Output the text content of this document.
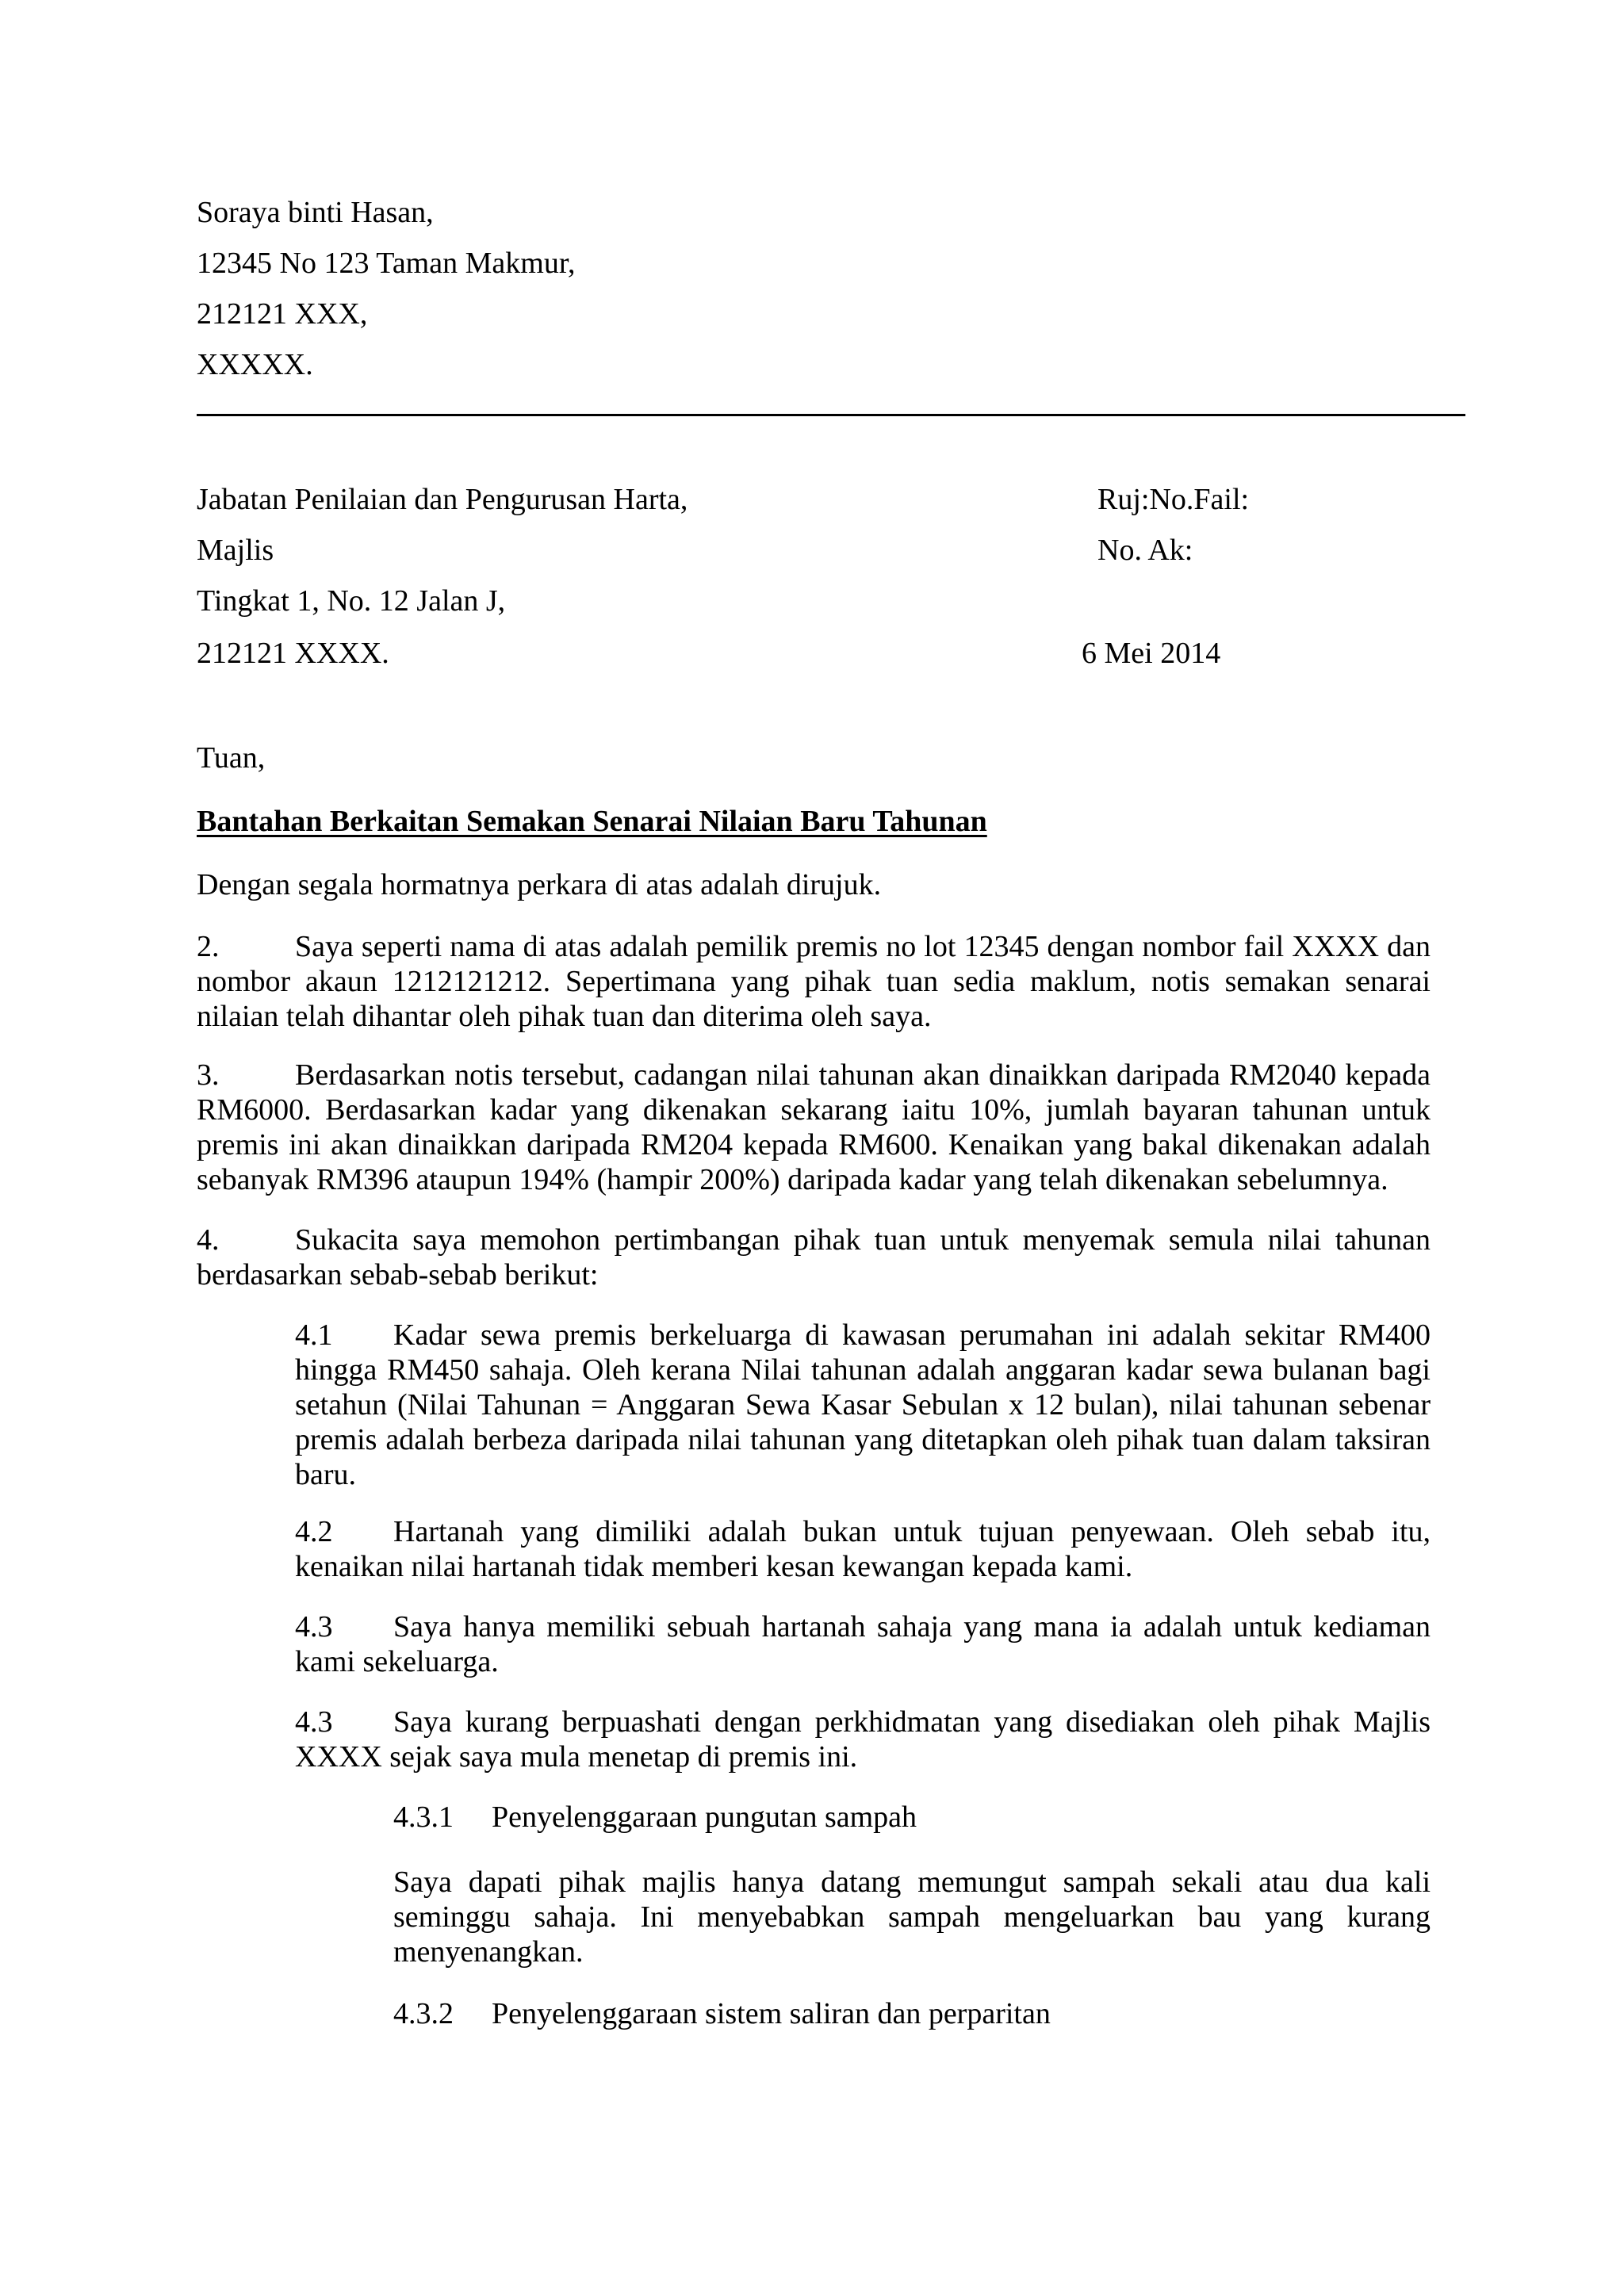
Soraya binti Hasan,
12345 No 123 Taman Makmur,
212121 XXX,
XXXXX.
Jabatan Penilaian dan Pengurusan Harta,
Majlis
Tingkat 1, No. 12 Jalan J,
212121 XXXX.
Ruj:No.Fail:
No. Ak:
6 Mei 2014
Tuan,
Bantahan Berkaitan Semakan Senarai Nilaian Baru Tahunan
Dengan segala hormatnya perkara di atas adalah dirujuk.
2.	Saya seperti nama di atas adalah pemilik premis no lot 12345 dengan nombor fail XXXX dan
nombor akaun 1212121212. Sepertimana yang pihak tuan sedia maklum, notis semakan senarai
nilaian telah dihantar oleh pihak tuan dan diterima oleh saya.
3.	Berdasarkan notis tersebut, cadangan nilai tahunan akan dinaikkan daripada RM2040 kepada
RM6000. Berdasarkan kadar yang dikenakan sekarang iaitu 10%, jumlah bayaran tahunan untuk
premis ini akan dinaikkan daripada RM204 kepada RM600. Kenaikan yang bakal dikenakan adalah
sebanyak RM396 ataupun 194% (hampir 200%) daripada kadar yang telah dikenakan sebelumnya.
4.	Sukacita saya memohon pertimbangan pihak tuan untuk menyemak semula nilai tahunan
berdasarkan sebab-sebab berikut:
4.1	Kadar sewa premis berkeluarga di kawasan perumahan ini adalah sekitar RM400
hingga RM450 sahaja. Oleh kerana Nilai tahunan adalah anggaran kadar sewa bulanan bagi
setahun (Nilai Tahunan = Anggaran Sewa Kasar Sebulan x 12 bulan), nilai tahunan sebenar
premis adalah berbeza daripada nilai tahunan yang ditetapkan oleh pihak tuan dalam taksiran
baru.
4.2	Hartanah yang dimiliki adalah bukan untuk tujuan penyewaan. Oleh sebab itu,
kenaikan nilai hartanah tidak memberi kesan kewangan kepada kami.
4.3	Saya hanya memiliki sebuah hartanah sahaja yang mana ia adalah untuk kediaman
kami sekeluarga.
4.3	Saya kurang berpuashati dengan perkhidmatan yang disediakan oleh pihak Majlis
XXXX sejak saya mula menetap di premis ini.
4.3.1 Penyelenggaraan pungutan sampah
Saya dapati pihak majlis hanya datang memungut sampah sekali atau dua kali
seminggu sahaja. Ini menyebabkan sampah mengeluarkan bau yang kurang
menyenangkan.
4.3.2 Penyelenggaraan sistem saliran dan perparitan
